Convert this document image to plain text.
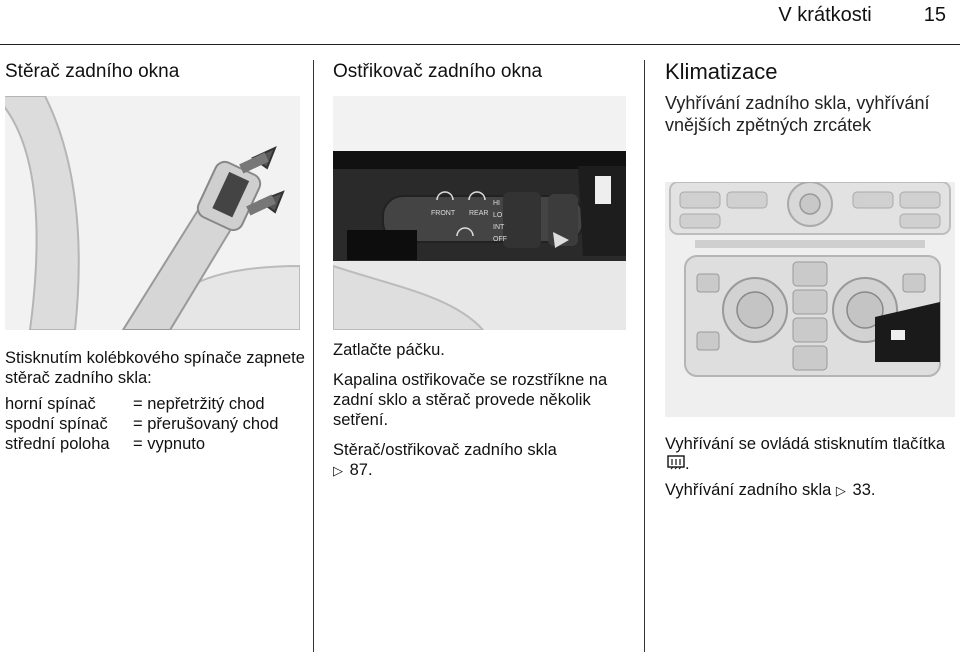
V krátkosti	15
Stěrač zadního okna

Stisknutím kolébkového spínače zapnete stěrač zadního skla:

horní spínač	= nepřetržitý chod
spodní spínač	= přerušovaný chod
střední poloha	= vypnuto
Ostřikovač zadního okna
FRONT REAR
HI
LO
INT
OFF

Zatlačte páčku.

Kapalina ostřikovače se rozstříkne na zadní sklo a stěrač provede několik setření.

Stěrač/ostřikovač zadního skla
▷ 87.

Klimatizace
Vyhřívání zadního skla, vyhřívání vnějších zpětných zrcátek

Vyhřívání se ovládá stisknutím tlačítka .

Vyhřívání zadního skla ▷ 33.
